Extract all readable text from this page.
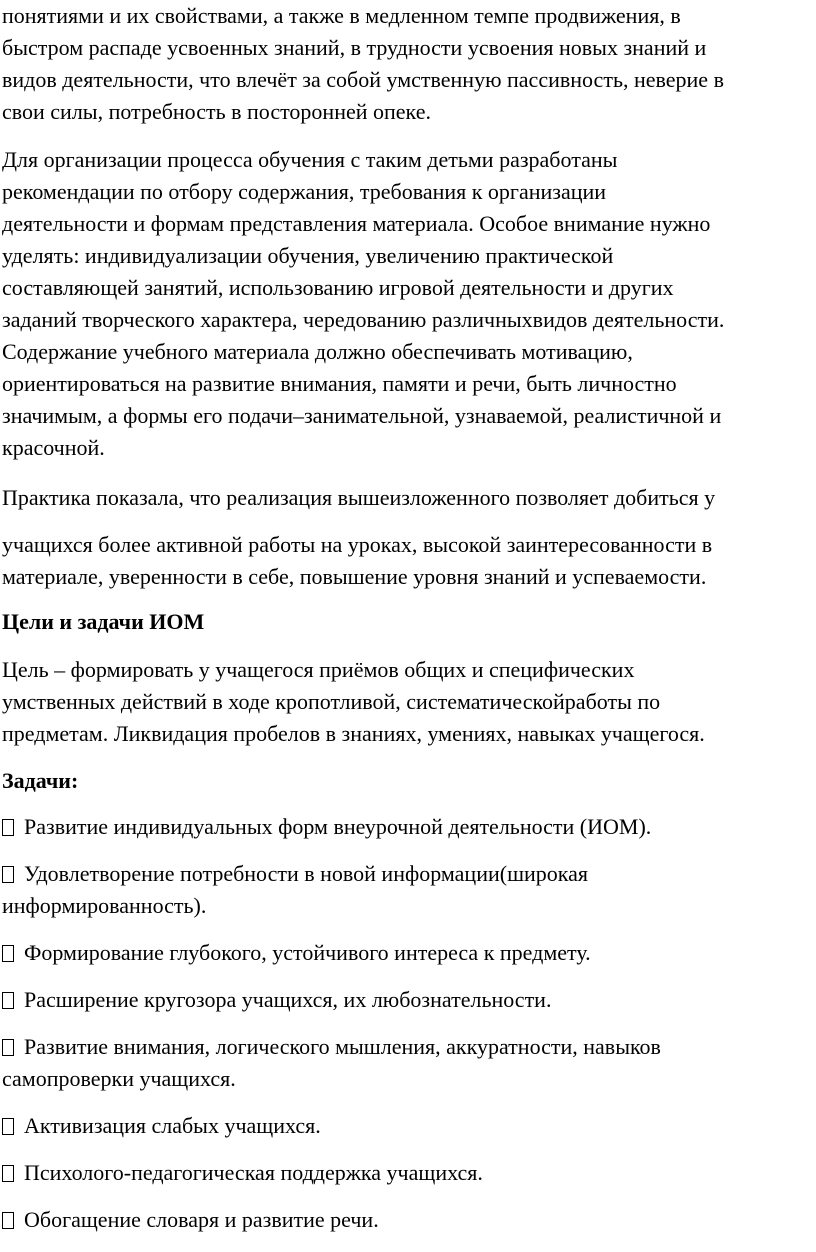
понятиями и их свойствами, а также в медленном темпе продвижения, в
быстром распаде усвоенных знаний, в трудности усвоения новых знаний и
видов деятельности, что влечёт за собой умственную пассивность, неверие в
свои силы, потребность в посторонней опеке.
Для организации процесса обучения с таким детьми разработаны
рекомендации по отбору содержания, требования к организации
деятельности и формам представления материала. Особое внимание нужно
уделять: индивидуализации обучения, увеличению практической
составляющей занятий, использованию игровой деятельности и других
заданий творческого характера, чередованию различныхвидов деятельности.
Содержание учебного материала должно обеспечивать мотивацию,
ориентироваться на развитие внимания, памяти и речи, быть личностно
значимым, а формы его подачи–занимательной, узнаваемой, реалистичной и
красочной.
Практика показала, что реализация вышеизложенного позволяет добиться у
учащихся более активной работы на уроках, высокой заинтересованности в
материале, уверенности в себе, повышение уровня знаний и успеваемости.
Цели и задачи ИОМ
Цель – формировать у учащегося приёмов общих и специфических
умственных действий в ходе кропотливой, систематическойработы по
предметам. Ликвидация пробелов в знаниях, умениях, навыках учащегося.
Задачи:
Развитие индивидуальных форм внеурочной деятельности (ИОМ).
Удовлетворение потребности в новой информации(широкая
информированность).
Формирование глубокого, устойчивого интереса к предмету.
Расширение кругозора учащихся, их любознательности.
Развитие внимания, логического мышления, аккуратности, навыков
самопроверки учащихся.
Активизация слабых учащихся.
Психолого-педагогическая поддержка учащихся.
Обогащение словаря и развитие речи.
